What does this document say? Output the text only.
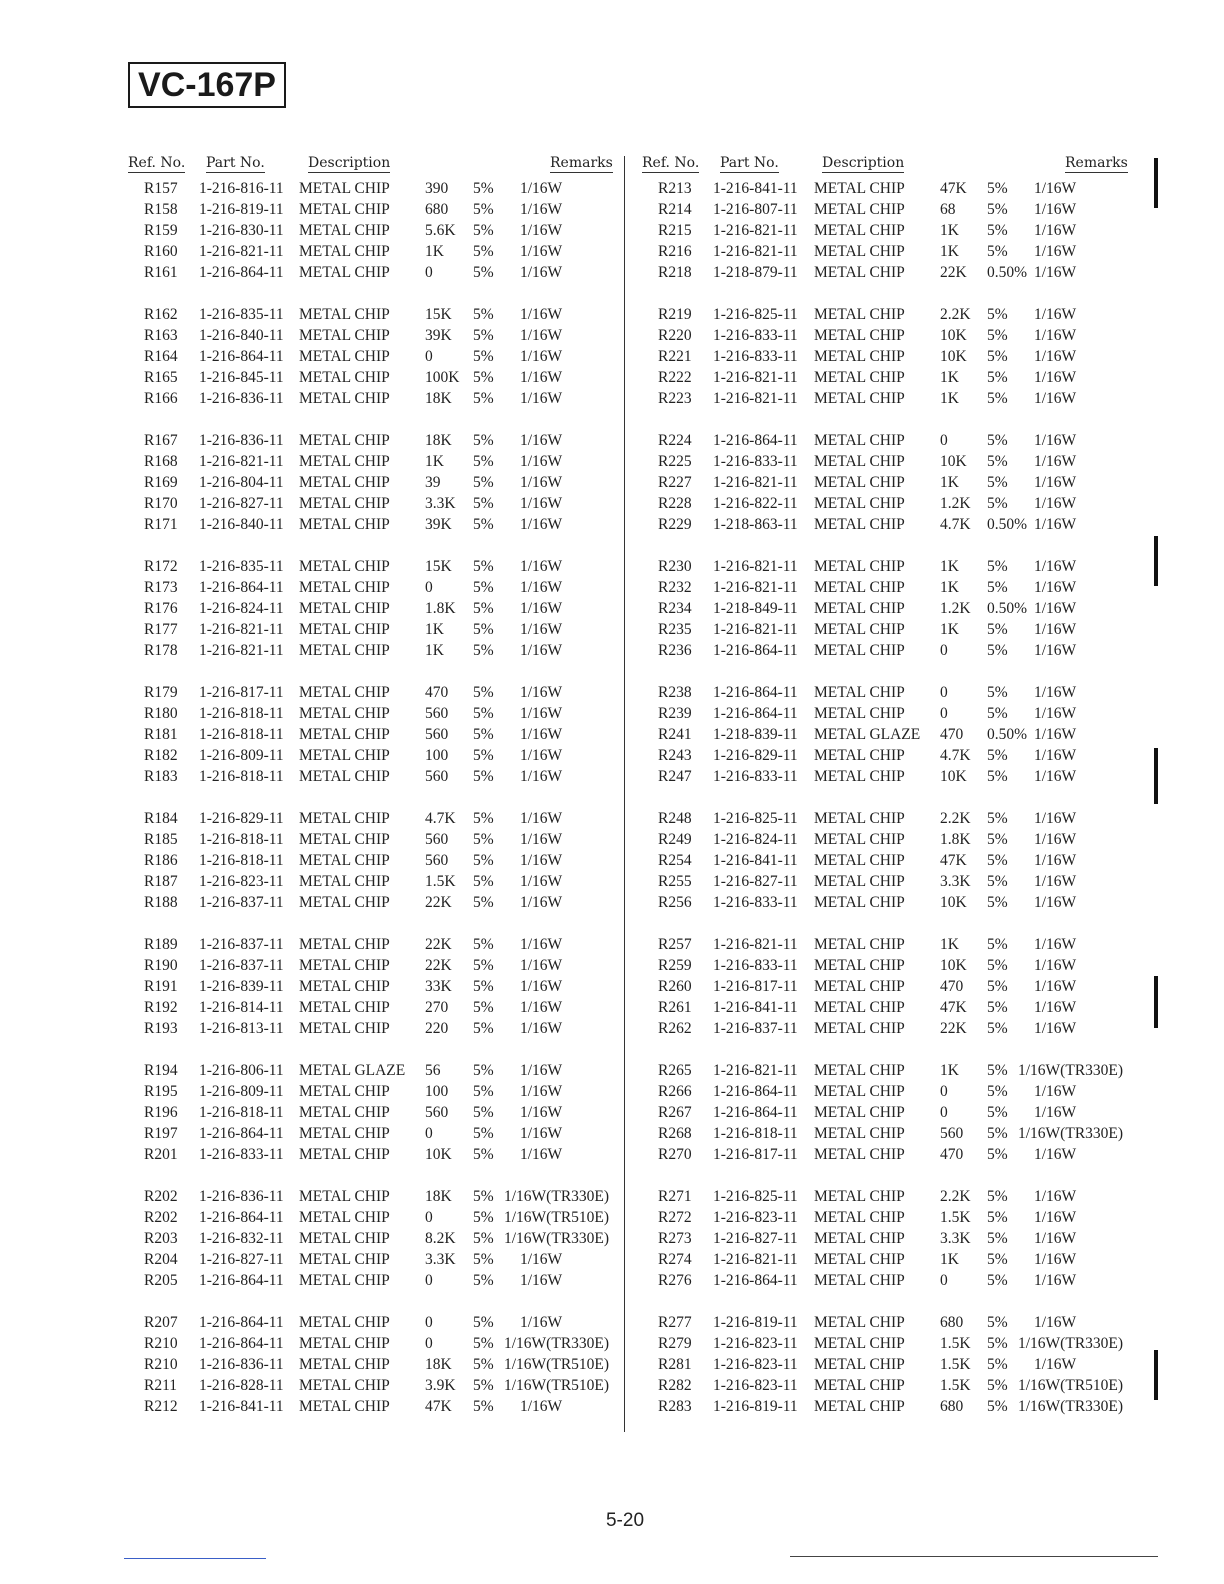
VC-167P
Ref. No. Part No.	Description	Remarks Ref. No. Part No.	Description	Remarks
R157 1-216-816-11 METAL CHIP 390 5% 1/16W
R158 1-216-819-11 METAL CHIP 680 5% 1/16W
R159 1-216-830-11 METAL CHIP 5.6K 5% 1/16W
R160 1-216-821-11 METAL CHIP 1K 5% 1/16W
R161 1-216-864-11 METAL CHIP 0	5% 1/16W
R162 1-216-835-11 METAL CHIP 15K 5% 1/16W
R163 1-216-840-11 METAL CHIP 39K 5% 1/16W
R164 1-216-864-11 METAL CHIP 0	5% 1/16W
R165 1-216-845-11 METAL CHIP 100K 5% 1/16W
R166 1-216-836-11 METAL CHIP 18K 5% 1/16W
R167 1-216-836-11 METAL CHIP 18K 5% 1/16W
R168 1-216-821-11 METAL CHIP 1K 5% 1/16W
R169 1-216-804-11 METAL CHIP 39 5% 1/16W
R170 1-216-827-11 METAL CHIP 3.3K 5% 1/16W
R171 1-216-840-11 METAL CHIP 39K 5% 1/16W
R172 1-216-835-11 METAL CHIP 15K 5% 1/16W
R173 1-216-864-11 METAL CHIP 0	5% 1/16W
R176 1-216-824-11 METAL CHIP 1.8K 5% 1/16W
R177 1-216-821-11 METAL CHIP 1K 5% 1/16W
R178 1-216-821-11 METAL CHIP 1K 5% 1/16W
R179 1-216-817-11 METAL CHIP 470 5% 1/16W
R180 1-216-818-11 METAL CHIP 560 5% 1/16W
R181 1-216-818-11 METAL CHIP 560 5% 1/16W
R182 1-216-809-11 METAL CHIP 100 5% 1/16W
R183 1-216-818-11 METAL CHIP 560 5% 1/16W
R184 1-216-829-11 METAL CHIP 4.7K 5% 1/16W
R185 1-216-818-11 METAL CHIP 560 5% 1/16W
R186 1-216-818-11 METAL CHIP 560 5% 1/16W
R187 1-216-823-11 METAL CHIP 1.5K 5% 1/16W
R188 1-216-837-11 METAL CHIP 22K 5% 1/16W
R189 1-216-837-11 METAL CHIP 22K 5% 1/16W
R190 1-216-837-11 METAL CHIP 22K 5% 1/16W
R191 1-216-839-11 METAL CHIP 33K 5% 1/16W
R192 1-216-814-11 METAL CHIP 270 5% 1/16W
R193 1-216-813-11 METAL CHIP 220 5% 1/16W
R194 1-216-806-11 METAL GLAZE 56 5% 1/16W
R195 1-216-809-11 METAL CHIP 100 5% 1/16W
R196 1-216-818-11 METAL CHIP 560 5% 1/16W
R197 1-216-864-11 METAL CHIP 0	5% 1/16W
R201 1-216-833-11 METAL CHIP 10K 5% 1/16W
R202 1-216-836-11 METAL CHIP 18K 5% 1/16W(TR330E)
R202 1-216-864-11 METAL CHIP 0	5% 1/16W(TR510E)
R203 1-216-832-11 METAL CHIP 8.2K 5% 1/16W(TR330E)
R204 1-216-827-11 METAL CHIP 3.3K 5% 1/16W
R205 1-216-864-11 METAL CHIP 0	5% 1/16W
R207 1-216-864-11 METAL CHIP 0	5% 1/16W
R210 1-216-864-11 METAL CHIP 0	5% 1/16W(TR330E)
R210 1-216-836-11 METAL CHIP 18K 5% 1/16W(TR510E)
R211 1-216-828-11 METAL CHIP 3.9K 5% 1/16W(TR510E)
R212 1-216-841-11 METAL CHIP 47K 5% 1/16W
R213 1-216-841-11 METAL CHIP 47K 5% 1/16W
R214 1-216-807-11 METAL CHIP 68 5% 1/16W
R215 1-216-821-11 METAL CHIP 1K 5% 1/16W
R216 1-216-821-11 METAL CHIP 1K 5% 1/16W
R218 1-218-879-11 METAL CHIP 22K 0.50% 1/16W
R219 1-216-825-11 METAL CHIP 2.2K 5% 1/16W
R220 1-216-833-11 METAL CHIP 10K 5% 1/16W
R221 1-216-833-11 METAL CHIP 10K 5% 1/16W
R222 1-216-821-11 METAL CHIP 1K 5% 1/16W
R223 1-216-821-11 METAL CHIP 1K 5% 1/16W
R224 1-216-864-11 METAL CHIP 0	5% 1/16W
R225 1-216-833-11 METAL CHIP 10K 5% 1/16W
R227 1-216-821-11 METAL CHIP 1K 5% 1/16W
R228 1-216-822-11 METAL CHIP 1.2K 5% 1/16W
R229 1-218-863-11 METAL CHIP 4.7K 0.50% 1/16W
R230 1-216-821-11 METAL CHIP 1K 5% 1/16W
R232 1-216-821-11 METAL CHIP 1K 5% 1/16W
R234 1-218-849-11 METAL CHIP 1.2K 0.50% 1/16W
R235 1-216-821-11 METAL CHIP 1K 5% 1/16W
R236 1-216-864-11 METAL CHIP 0	5% 1/16W
R238 1-216-864-11 METAL CHIP 0	5% 1/16W
R239 1-216-864-11 METAL CHIP 0	5% 1/16W
R241 1-218-839-11 METAL GLAZE 470 0.50% 1/16W
R243 1-216-829-11 METAL CHIP 4.7K 5% 1/16W
R247 1-216-833-11 METAL CHIP 10K 5% 1/16W
R248 1-216-825-11 METAL CHIP 2.2K 5% 1/16W
R249 1-216-824-11 METAL CHIP 1.8K 5% 1/16W
R254 1-216-841-11 METAL CHIP 47K 5% 1/16W
R255 1-216-827-11 METAL CHIP 3.3K 5% 1/16W
R256 1-216-833-11 METAL CHIP 10K 5% 1/16W
R257 1-216-821-11 METAL CHIP 1K 5% 1/16W
R259 1-216-833-11 METAL CHIP 10K 5% 1/16W
R260 1-216-817-11 METAL CHIP 470 5% 1/16W
R261 1-216-841-11 METAL CHIP 47K 5% 1/16W
R262 1-216-837-11 METAL CHIP 22K 5% 1/16W
R265 1-216-821-11 METAL CHIP 1K 5% 1/16W(TR330E)
R266 1-216-864-11 METAL CHIP 0	5% 1/16W
R267 1-216-864-11 METAL CHIP 0	5% 1/16W
R268 1-216-818-11 METAL CHIP 560 5% 1/16W(TR330E)
R270 1-216-817-11 METAL CHIP 470 5% 1/16W
R271 1-216-825-11 METAL CHIP 2.2K 5% 1/16W
R272 1-216-823-11 METAL CHIP 1.5K 5% 1/16W
R273 1-216-827-11 METAL CHIP 3.3K 5% 1/16W
R274 1-216-821-11 METAL CHIP 1K 5% 1/16W
R276 1-216-864-11 METAL CHIP 0	5% 1/16W
R277 1-216-819-11 METAL CHIP 680 5% 1/16W
R279 1-216-823-11 METAL CHIP 1.5K 5% 1/16W(TR330E)
R281 1-216-823-11 METAL CHIP 1.5K 5% 1/16W
R282 1-216-823-11 METAL CHIP 1.5K 5% 1/16W(TR510E)
R283 1-216-819-11 METAL CHIP 680 5% 1/16W(TR330E)
5-20
